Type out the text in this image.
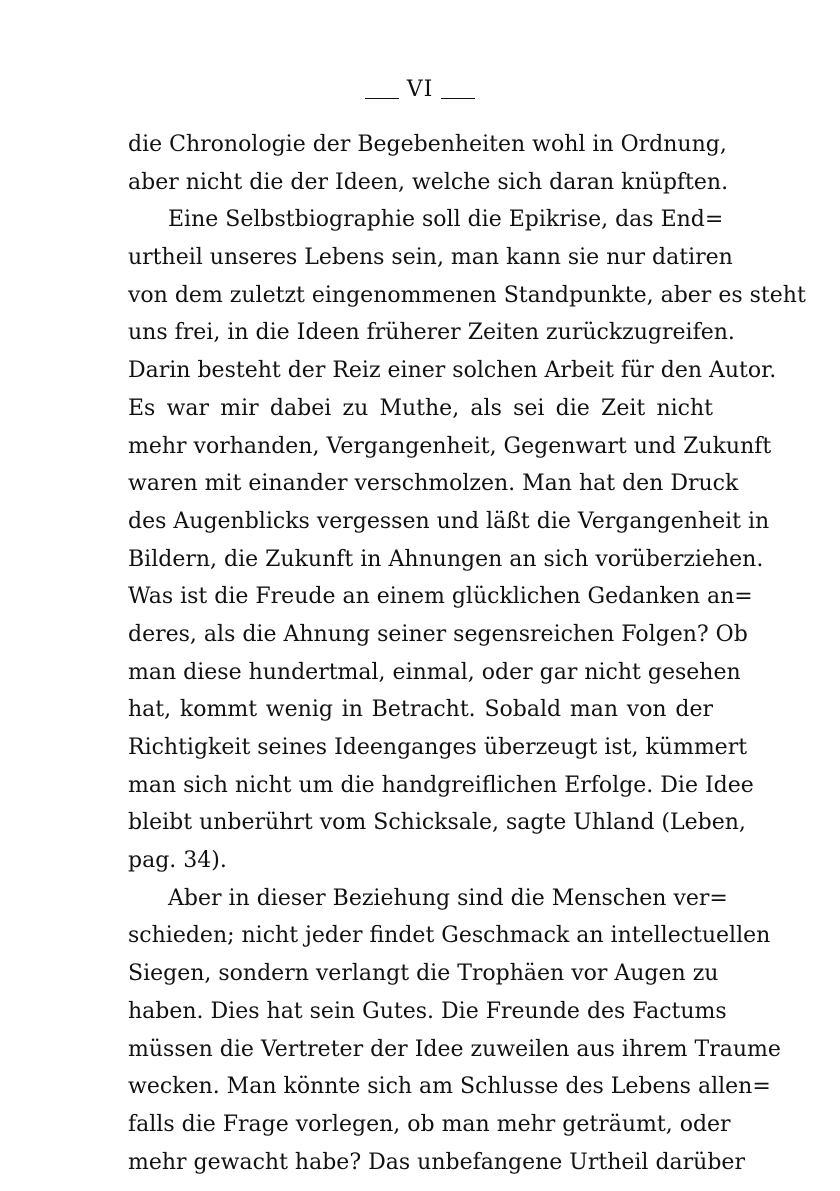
VI
die Chronologie der Begebenheiten wohl in Ordnung,
aber nicht die der Ideen, welche sich daran knüpften.
Eine Selbstbiographie soll die Epikrise, das End=
urtheil unseres Lebens sein, man kann sie nur datiren
von dem zuletzt eingenommenen Standpunkte, aber es steht
uns frei, in die Ideen früherer Zeiten zurückzugreifen.
Darin besteht der Reiz einer solchen Arbeit für den Autor.
Es war mir dabei zu Muthe, als sei die Zeit nicht
mehr vorhanden, Vergangenheit, Gegenwart und Zukunft
waren mit einander verschmolzen. Man hat den Druck
des Augenblicks vergessen und läßt die Vergangenheit in
Bildern, die Zukunft in Ahnungen an sich vorüberziehen.
Was ist die Freude an einem glücklichen Gedanken an=
deres, als die Ahnung seiner segensreichen Folgen? Ob
man diese hundertmal, einmal, oder gar nicht gesehen
hat, kommt wenig in Betracht. Sobald man von der
Richtigkeit seines Ideenganges überzeugt ist, kümmert
man sich nicht um die handgreiflichen Erfolge. Die Idee
bleibt unberührt vom Schicksale, sagte Uhland (Leben,
pag. 34).
Aber in dieser Beziehung sind die Menschen ver=
schieden; nicht jeder findet Geschmack an intellectuellen
Siegen, sondern verlangt die Trophäen vor Augen zu
haben. Dies hat sein Gutes. Die Freunde des Factums
müssen die Vertreter der Idee zuweilen aus ihrem Traume
wecken. Man könnte sich am Schlusse des Lebens allen=
falls die Frage vorlegen, ob man mehr geträumt, oder
mehr gewacht habe? Das unbefangene Urtheil darüber
